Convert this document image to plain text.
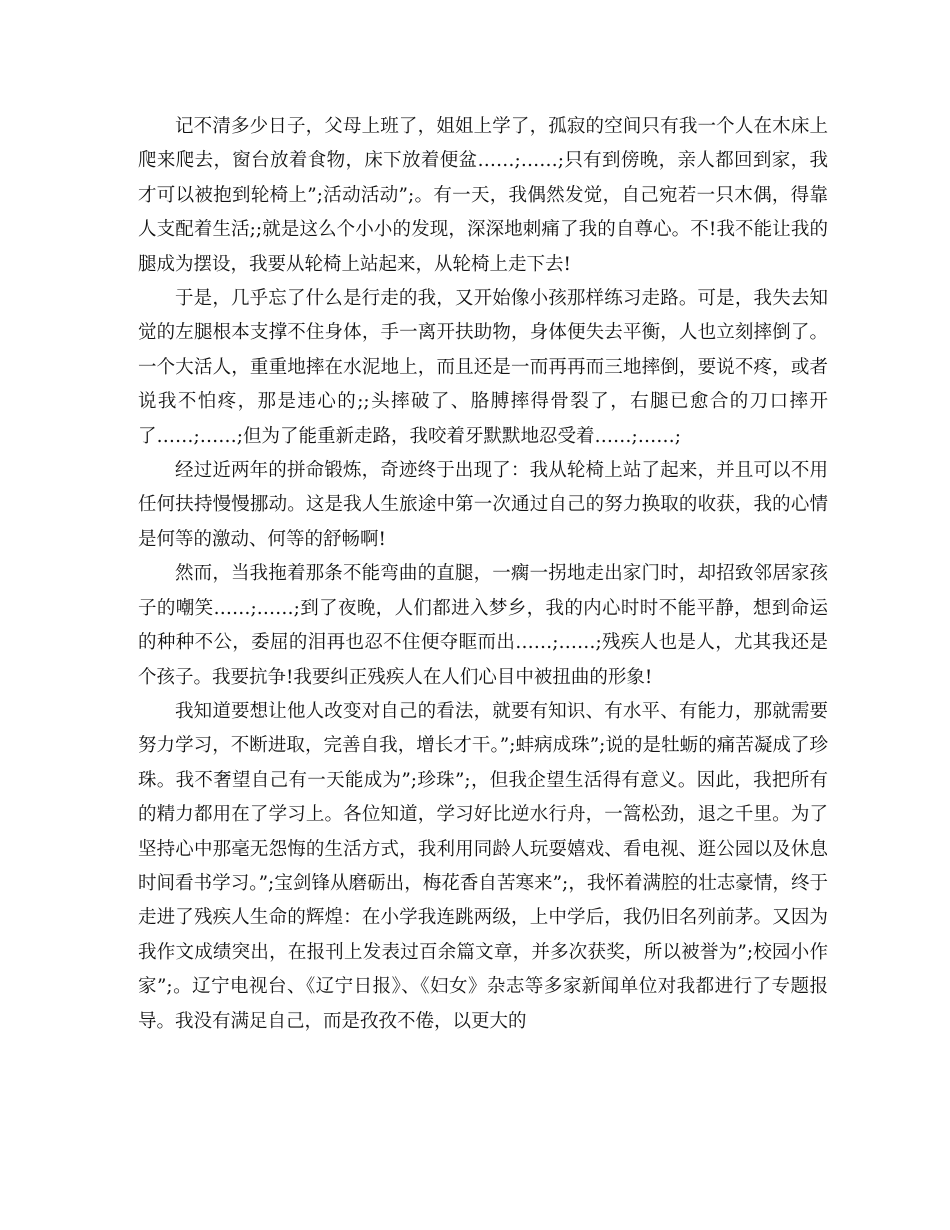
记不清多少日子，父母上班了，姐姐上学了，孤寂的空间只有我一个人在木床上爬来爬去，窗台放着食物，床下放着便盆……;……;只有到傍晚，亲人都回到家，我才可以被抱到轮椅上”;活动活动”;。有一天，我偶然发觉，自己宛若一只木偶，得靠人支配着生活;;就是这么个小小的发现，深深地刺痛了我的自尊心。不!我不能让我的腿成为摆设，我要从轮椅上站起来，从轮椅上走下去!

于是，几乎忘了什么是行走的我，又开始像小孩那样练习走路。可是，我失去知觉的左腿根本支撑不住身体，手一离开扶助物，身体便失去平衡，人也立刻摔倒了。一个大活人，重重地摔在水泥地上，而且还是一而再再而三地摔倒，要说不疼，或者说我不怕疼，那是违心的;;头摔破了、胳膊摔得骨裂了，右腿已愈合的刀口摔开了……;……;但为了能重新走路，我咬着牙默默地忍受着……;……;

经过近两年的拼命锻炼，奇迹终于出现了：我从轮椅上站了起来，并且可以不用任何扶持慢慢挪动。这是我人生旅途中第一次通过自己的努力换取的收获，我的心情是何等的激动、何等的舒畅啊!

然而，当我拖着那条不能弯曲的直腿，一瘸一拐地走出家门时，却招致邻居家孩子的嘲笑……;……;到了夜晚，人们都进入梦乡，我的内心时时不能平静，想到命运的种种不公，委屈的泪再也忍不住便夺眶而出……;……;残疾人也是人，尤其我还是个孩子。我要抗争!我要纠正残疾人在人们心目中被扭曲的形象!

我知道要想让他人改变对自己的看法，就要有知识、有水平、有能力，那就需要努力学习，不断进取，完善自我，增长才干。”;蚌病成珠”;说的是牡蛎的痛苦凝成了珍珠。我不奢望自己有一天能成为”;珍珠”;，但我企望生活得有意义。因此，我把所有的精力都用在了学习上。各位知道，学习好比逆水行舟，一篙松劲，退之千里。为了坚持心中那毫无怨悔的生活方式，我利用同龄人玩耍嬉戏、看电视、逛公园以及休息时间看书学习。”;宝剑锋从磨砺出，梅花香自苦寒来”;，我怀着满腔的壮志豪情，终于走进了残疾人生命的辉煌：在小学我连跳两级，上中学后，我仍旧名列前茅。又因为我作文成绩突出，在报刊上发表过百余篇文章，并多次获奖，所以被誉为”;校园小作家”;。辽宁电视台、《辽宁日报》、《妇女》杂志等多家新闻单位对我都进行了专题报导。我没有满足自己，而是孜孜不倦，以更大的
